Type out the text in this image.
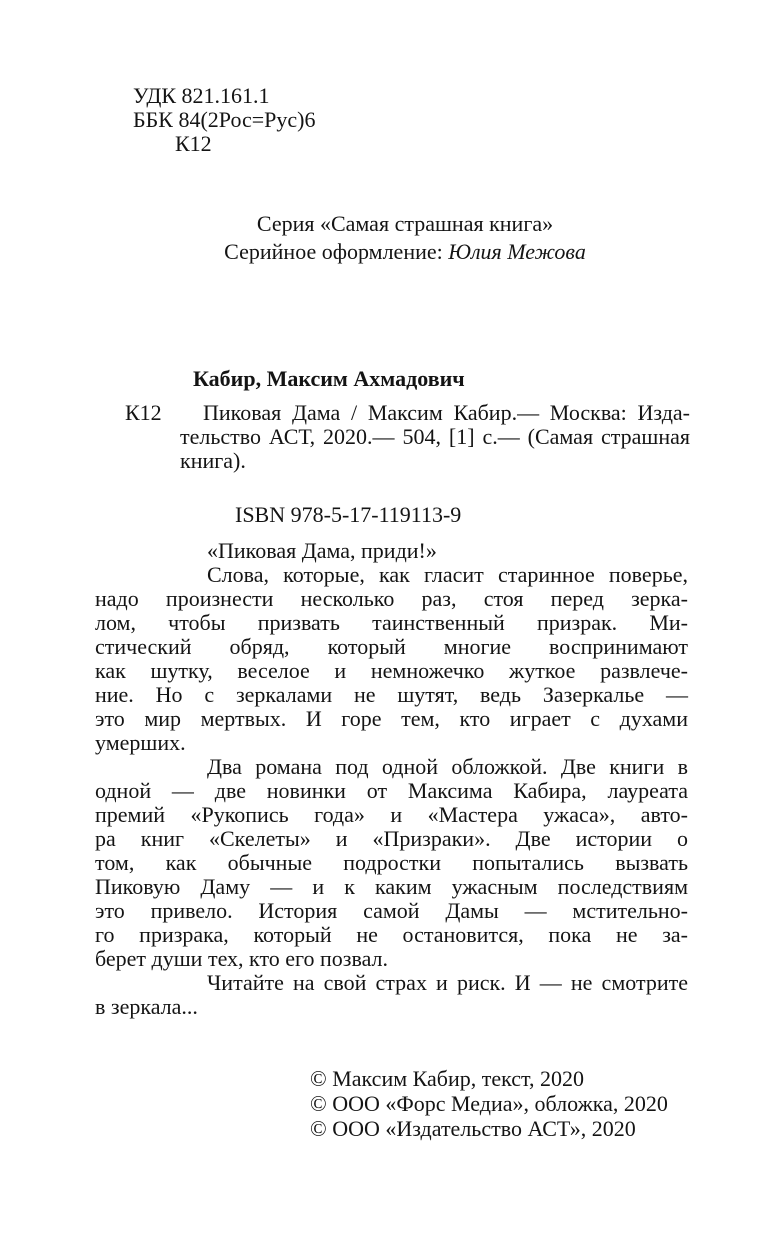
УДК 821.161.1
ББК 84(2Рос=Рус)6
К12
Серия «Самая страшная книга»
Серийное оформление: Юлия Межова
Кабир, Максим Ахмадович
К12	Пиковая Дама / Максим Кабир.— Москва: Изда-
тельство АСТ, 2020.— 504, [1] с.— (Самая страшная
книга).
ISBN 978-5-17-119113-9
«Пиковая Дама, приди!»
Слова, которые, как гласит старинное поверье,
надо произнести несколько раз, стоя перед зерка-
лом, чтобы призвать таинственный призрак. Ми-
стический обряд, который многие воспринимают
как шутку, веселое и немножечко жуткое развлече-
ние. Но с зеркалами не шутят, ведь Зазеркалье —
это мир мертвых. И горе тем, кто играет с духами
умерших.
Два романа под одной обложкой. Две книги в
одной — две новинки от Максима Кабира, лауреата
премий «Рукопись года» и «Мастера ужаса», авто-
ра книг «Скелеты» и «Призраки». Две истории о
том, как обычные подростки попытались вызвать
Пиковую Даму — и к каким ужасным последствиям
это привело. История самой Дамы — мстительно-
го призрака, который не остановится, пока не за-
берет души тех, кто его позвал.
Читайте на свой страх и риск. И — не смотрите
в зеркала...
© Максим Кабир, текст, 2020
© ООО «Форс Медиа», обложка, 2020
© ООО «Издательство АСТ», 2020
